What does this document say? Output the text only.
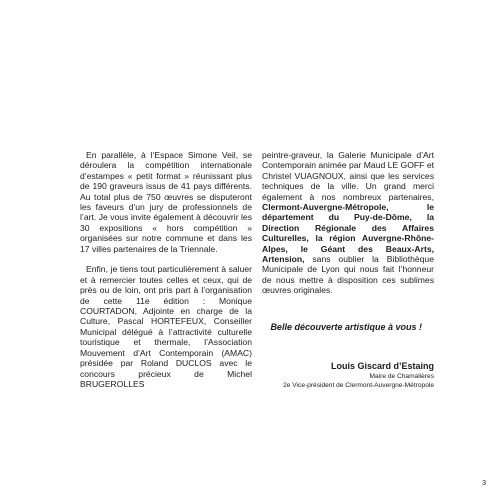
En parallèle, à l’Espace Simone Veil, se déroulera la compétition internationale d’estampes « petit format » réunissant plus de 190 graveurs issus de 41 pays différents. Au total plus de 750 œuvres se disputeront les faveurs d’un jury de professionnels de l’art. Je vous invite également à découvrir les 30 expositions « hors compétition » organisées sur notre commune et dans les 17 villes partenaires de la Triennale.

Enfin, je tiens tout particulièrement à saluer et à remercier toutes celles et ceux, qui de près ou de loin, ont pris part à l’organisation de cette 11e édition : Monique COURTADON, Adjointe en charge de la Culture, Pascal HORTEFEUX, Conseiller Municipal délégué à l’attractivité culturelle touristique et thermale, l’Association Mouvement d’Art Contemporain (AMAC) présidée par Roland DUCLOS avec le concours précieux de Michel BRUGEROLLES

peintre-graveur, la Galerie Municipale d’Art Contemporain animée par Maud LE GOFF et Christel VUAGNOUX, ainsi que les services techniques de la ville. Un grand merci également à nos nombreux partenaires, Clermont-Auvergne-Métropole, le département du Puy-de-Dôme, la Direction Régionale des Affaires Culturelles, la région Auvergne-Rhône-Alpes, le Géant des Beaux-Arts, Artension, sans oublier la Bibliothèque Municipale de Lyon qui nous fait l’honneur de nous mettre à disposition ces sublimes œuvres originales.

Belle découverte artistique à vous !
Louis Giscard d’Estaing
Maire de Chamalières
2e Vice-président de Clermont-Auvergne-Métropole
3
